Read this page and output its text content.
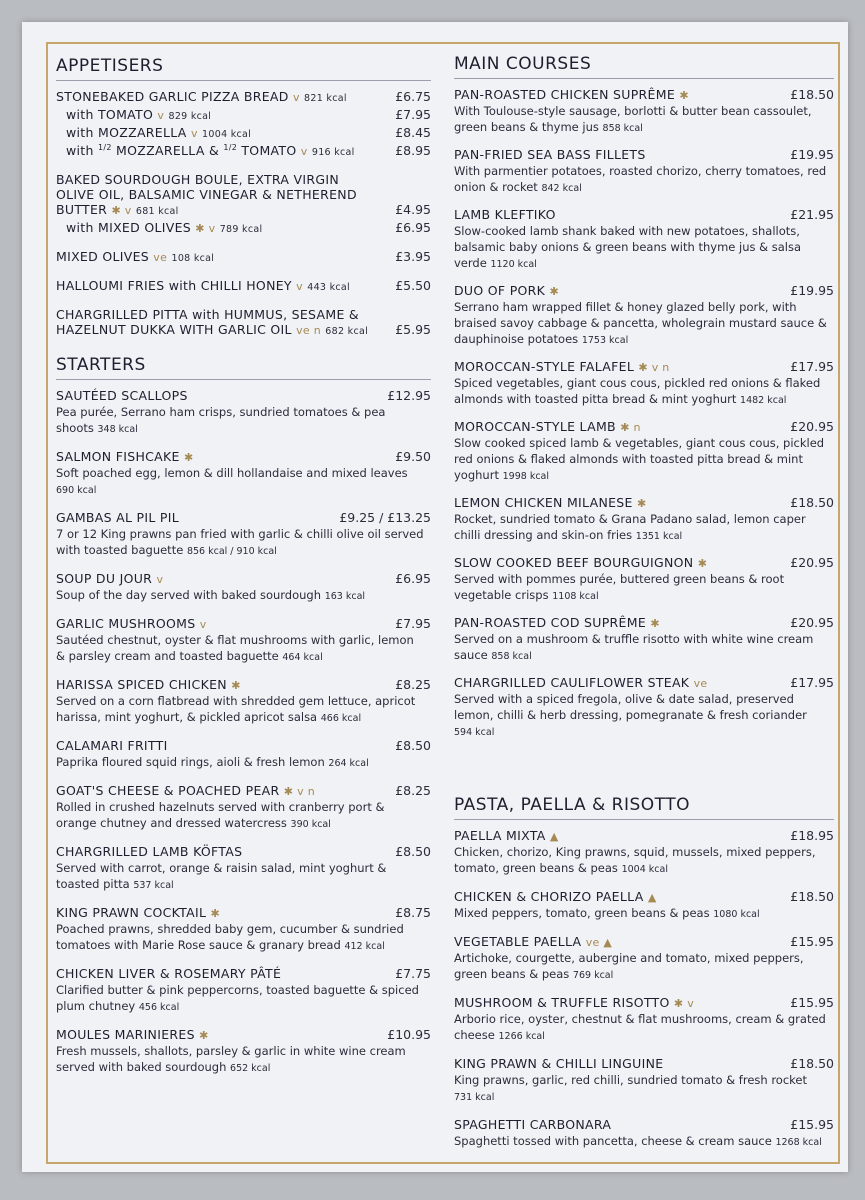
APPETISERS
STONEBAKED GARLIC PIZZA BREAD v 821 kcal	£6.75
with TOMATO v 829 kcal	£7.95
with MOZZARELLA v 1004 kcal	£8.45
with $^{1/2}$ MOZZARELLA & $^{1/2}$ TOMATO v 916 kcal	£8.95
BAKED SOURDOUGH BOULE, EXTRA VIRGIN
OLIVE OIL, BALSAMIC VINEGAR & NETHEREND
BUTTER ✱ v 681 kcal	£4.95
with MIXED OLIVES ✱ v 789 kcal	£6.95
MIXED OLIVES ve 108 kcal	£3.95
HALLOUMI FRIES with CHILLI HONEY v 443 kcal	£5.50
CHARGRILLED PITTA with HUMMUS, SESAME &
HAZELNUT DUKKA WITH GARLIC OIL ve n 682 kcal £5.95
STARTERS
SAUTÉED SCALLOPS	£12.95
Pea purée, Serrano ham crisps, sundried tomatoes & pea shoots 348 kcal
SALMON FISHCAKE ✱	£9.50
Soft poached egg, lemon & dill hollandaise and mixed leaves 690 kcal
GAMBAS AL PIL PIL	£9.25 / £13.25
7 or 12 King prawns pan fried with garlic & chilli olive oil served with toasted baguette 856 kcal / 910 kcal
SOUP DU JOUR v	£6.95
Soup of the day served with baked sourdough 163 kcal
GARLIC MUSHROOMS v	£7.95
Sautéed chestnut, oyster & flat mushrooms with garlic, lemon & parsley cream and toasted baguette 464 kcal
HARISSA SPICED CHICKEN ✱	£8.25
Served on a corn flatbread with shredded gem lettuce, apricot harissa, mint yoghurt, & pickled apricot salsa 466 kcal
CALAMARI FRITTI	£8.50
Paprika floured squid rings, aioli & fresh lemon 264 kcal
GOAT'S CHEESE & POACHED PEAR ✱ v n	£8.25
Rolled in crushed hazelnuts served with cranberry port & orange chutney and dressed watercress 390 kcal
CHARGRILLED LAMB KÖFTAS	£8.50
Served with carrot, orange & raisin salad, mint yoghurt & toasted pitta 537 kcal
KING PRAWN COCKTAIL ✱	£8.75
Poached prawns, shredded baby gem, cucumber & sundried tomatoes with Marie Rose sauce & granary bread 412 kcal
CHICKEN LIVER & ROSEMARY PÂTÉ	£7.75
Clarified butter & pink peppercorns, toasted baguette & spiced plum chutney 456 kcal
MOULES MARINIERES ✱	£10.95
Fresh mussels, shallots, parsley & garlic in white wine cream served with baked sourdough 652 kcal
MAIN COURSES
PAN-ROASTED CHICKEN SUPRÊME ✱	£18.50
With Toulouse-style sausage, borlotti & butter bean cassoulet, green beans & thyme jus 858 kcal
PAN-FRIED SEA BASS FILLETS	£19.95
With parmentier potatoes, roasted chorizo, cherry tomatoes, red onion & rocket 842 kcal
LAMB KLEFTIKO	£21.95
Slow-cooked lamb shank baked with new potatoes, shallots, balsamic baby onions & green beans with thyme jus & salsa verde 1120 kcal
DUO OF PORK ✱	£19.95
Serrano ham wrapped fillet & honey glazed belly pork, with braised savoy cabbage & pancetta, wholegrain mustard sauce & dauphinoise potatoes 1753 kcal
MOROCCAN-STYLE FALAFEL ✱ v n	£17.95
Spiced vegetables, giant cous cous, pickled red onions & flaked almonds with toasted pitta bread & mint yoghurt 1482 kcal
MOROCCAN-STYLE LAMB ✱ n	£20.95
Slow cooked spiced lamb & vegetables, giant cous cous, pickled red onions & flaked almonds with toasted pitta bread & mint yoghurt 1998 kcal
LEMON CHICKEN MILANESE ✱	£18.50
Rocket, sundried tomato & Grana Padano salad, lemon caper chilli dressing and skin-on fries 1351 kcal
SLOW COOKED BEEF BOURGUIGNON ✱	£20.95
Served with pommes purée, buttered green beans & root vegetable crisps 1108 kcal
PAN-ROASTED COD SUPRÊME ✱	£20.95
Served on a mushroom & truffle risotto with white wine cream sauce 858 kcal
CHARGRILLED CAULIFLOWER STEAK ve	£17.95
Served with a spiced fregola, olive & date salad, preserved lemon, chilli & herb dressing, pomegranate & fresh coriander 594 kcal
PASTA, PAELLA & RISOTTO
PAELLA MIXTA ▲	£18.95
Chicken, chorizo, King prawns, squid, mussels, mixed peppers, tomato, green beans & peas 1004 kcal
CHICKEN & CHORIZO PAELLA ▲	£18.50
Mixed peppers, tomato, green beans & peas 1080 kcal
VEGETABLE PAELLA ve ▲	£15.95
Artichoke, courgette, aubergine and tomato, mixed peppers, green beans & peas 769 kcal
MUSHROOM & TRUFFLE RISOTTO ✱ v	£15.95
Arborio rice, oyster, chestnut & flat mushrooms, cream & grated cheese 1266 kcal
KING PRAWN & CHILLI LINGUINE	£18.50
King prawns, garlic, red chilli, sundried tomato & fresh rocket 731 kcal
SPAGHETTI CARBONARA	£15.95
Spaghetti tossed with pancetta, cheese & cream sauce 1268 kcal
